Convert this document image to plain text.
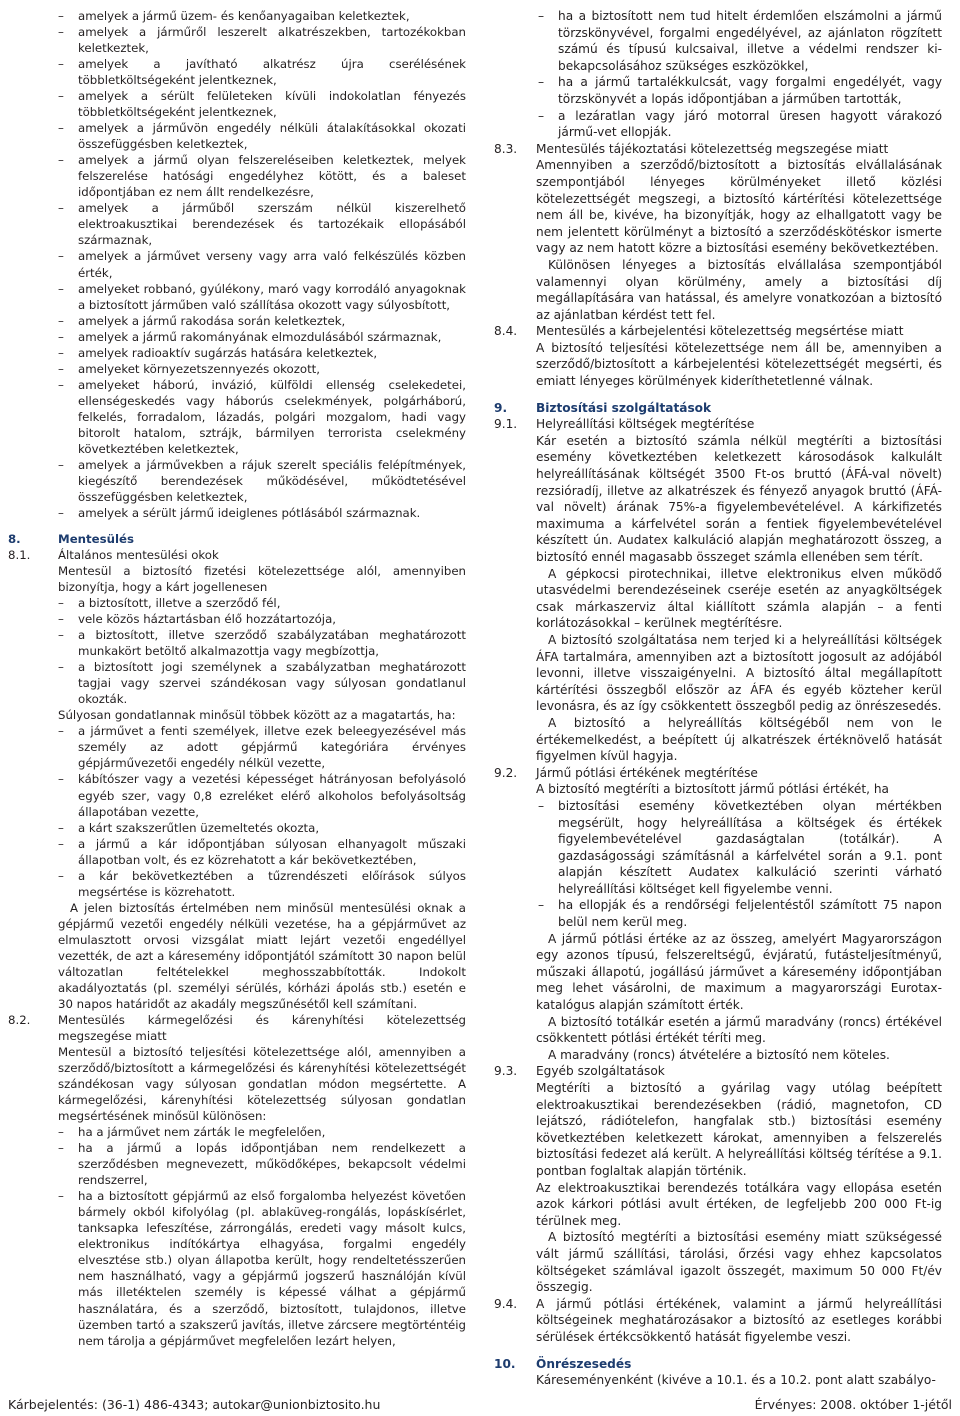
– amelyek a jármű üzem- és kenőanyagaiban keletkeztek,
– amelyek a járműről leszerelt alkatrészekben, tartozékokban keletkeztek,
– amelyek a javítható alkatrész újra cserélésének többletköltségeként jelentkeznek,
– amelyek a sérült felületeken kívüli indokolatlan fényezés többletköltségeként jelentkeznek,
– amelyek a járművön engedély nélküli átalakításokkal okozati összefüggésben keletkeztek,
– amelyek a jármű olyan felszereléseiben keletkeztek, melyek felszerelése hatósági engedélyhez kötött, és a baleset időpontjában ez nem állt rendelkezésre,
– amelyek a járműből szerszám nélkül kiszerelhető elektroakusztikai berendezések és tartozékaik ellopásából származnak,
– amelyek a járművet verseny vagy arra való felkészülés közben érték,
– amelyeket robbanó, gyúlékony, maró vagy korrodáló anyagoknak a biztosított járműben való szállítása okozott vagy súlyosbított,
– amelyek a jármű rakodása során keletkeztek,
– amelyek a jármű rakományának elmozdulásából származnak,
– amelyek radioaktív sugárzás hatására keletkeztek,
– amelyeket környezetszennyezés okozott,
– amelyeket háború, invázió, külföldi ellenség cselekedetei, ellenségeskedés vagy háborús cselekmények, polgárháború, felkelés, forradalom, lázadás, polgári mozgalom, hadi vagy bitorolt hatalom, sztrájk, bármilyen terrorista cselekmény következtében keletkeztek,
– amelyek a járművekben a rájuk szerelt speciális felépítmények, kiegészítő berendezések működésével, működtetésével összefüggésben keletkeztek,
– amelyek a sérült jármű ideiglenes pótlásából származnak.
8.	Mentesülés
8.1. Általános mentesülési okok
Mentesül a biztosító fizetési kötelezettsége alól, amennyiben bizonyítja, hogy a kárt jogellenesen
– a biztosított, illetve a szerződő fél,
– vele közös háztartásban élő hozzátartozója,
– a biztosított, illetve szerződő szabályzatában meghatározott munkakört betöltő alkalmazottja vagy megbízottja,
– a biztosított jogi személynek a szabályzatban meghatározott tagjai vagy szervei szándékosan vagy súlyosan gondatlanul okozták.
Súlyosan gondatlannak minősül többek között az a magatartás, ha:
– a járművet a fenti személyek, illetve ezek beleegyezésével más személy az adott gépjármű kategóriára érvényes gépjárművezetői engedély nélkül vezette,
– kábítószer vagy a vezetési képességet hátrányosan befolyásoló egyéb szer, vagy 0,8 ezreléket elérő alkoholos befolyásoltság állapotában vezette,
– a kárt szakszerűtlen üzemeltetés okozta,
– a jármű a kár időpontjában súlyosan elhanyagolt műszaki állapotban volt, és ez közrehatott a kár bekövetkeztében,
– a kár bekövetkeztében a tűzrendészeti előírások súlyos megsértése is közrehatott.
A jelen biztosítás értelmében nem minősül mentesülési oknak a gépjármű vezetői engedély nélküli vezetése, ha a gépjárművet az elmulasztott orvosi vizsgálat miatt lejárt vezetői engedéllyel vezették, de azt a káresemény időpontjától számított 30 napon belül változatlan feltételekkel meghosszabbították. Indokolt akadályoztatás (pl. személyi sérülés, kórházi ápolás stb.) esetén e 30 napos határidőt az akadály megszűnésétől kell számítani.
8.2. Mentesülés kármegelőzési és kárenyhítési kötelezettség megszegése miatt
Mentesül a biztosító teljesítési kötelezettsége alól, amennyiben a szerződő/biztosított a kármegelőzési és kárenyhítési kötelezettségét szándékosan vagy súlyosan gondatlan módon megsértette. A kármegelőzési, kárenyhítési kötelezettség súlyosan gondatlan megsértésének minősül különösen:
– ha a járművet nem zárták le megfelelően,
– ha a jármű a lopás időpontjában nem rendelkezett a szerződésben megnevezett, működőképes, bekapcsolt védelmi rendszerrel,
– ha a biztosított gépjármű az első forgalomba helyezést követően bármely okból kifolyólag (pl. ablaküveg-rongálás, lopáskísérlet, tanksapka lefeszítése, zárrongálás, eredeti vagy másolt kulcs, elektronikus indítókártya elhagyása, forgalmi engedély elvesztése stb.) olyan állapotba került, hogy rendeltetésszerűen nem használható, vagy a gépjármű jogszerű használóján kívül más illetéktelen személy is képessé válhat a gépjármű használatára, és a szerződő, biztosított, tulajdonos, illetve üzemben tartó a szakszerű javítás, illetve zárcsere megtörténtéig nem tárolja a gépjárművet megfelelően lezárt helyen,
– ha a biztosított nem tud hitelt érdemlően elszámolni a jármű törzskönyvével, forgalmi engedélyével, az ajánlaton rögzített számú és típusú kulcsaival, illetve a védelmi rendszer ki-bekapcsolásához szükséges eszközökkel,
– ha a jármű tartalékkulcsát, vagy forgalmi engedélyét, vagy törzskönyvét a lopás időpontjában a járműben tartották,
– a lezáratlan vagy járó motorral üresen hagyott várakozó jármű-vet ellopják.
8.3. Mentesülés tájékoztatási kötelezettség megszegése miatt
Amennyiben a szerződő/biztosított a biztosítás elvállalásának szempontjából lényeges körülményeket illető közlési kötelezettségét megszegi, a biztosító kártérítési kötelezettsége nem áll be, kivéve, ha bizonyítják, hogy az elhallgatott vagy be nem jelentett körülményt a biztosító a szerződéskötéskor ismerte vagy az nem hatott közre a biztosítási esemény bekövetkeztében.
Különösen lényeges a biztosítás elvállalása szempontjából valamennyi olyan körülmény, amely a biztosítási díj megállapítására van hatással, és amelyre vonatkozóan a biztosító az ajánlatban kérdést tett fel.
8.4. Mentesülés a kárbejelentési kötelezettség megsértése miatt
A biztosító teljesítési kötelezettsége nem áll be, amennyiben a szerződő/biztosított a kárbejelentési kötelezettségét megsérti, és emiatt lényeges körülmények kideríthetetlenné válnak.
9. Biztosítási szolgáltatások
9.1. Helyreállítási költségek megtérítése
Kár esetén a biztosító számla nélkül megtéríti a biztosítási esemény következtében keletkezett károsodások kalkulált helyreállításának költségét 3500 Ft-os bruttó (ÁFÁ-val növelt) rezsióradíj, illetve az alkatrészek és fényező anyagok bruttó (ÁFÁ-val növelt) árának 75%-a figyelembevételével. A kárkifizetés maximuma a kárfelvétel során a fentiek figyelembevételével készített ún. Audatex kalkuláció alapján meghatározott összeg, a biztosító ennél magasabb összeget számla ellenében sem térít.
A gépkocsi pirotechnikai, illetve elektronikus elven működő utasvédelmi berendezéseinek cseréje esetén az anyagköltségek csak márkaszerviz által kiállított számla alapján – a fenti korlátozásokkal – kerülnek megtérítésre.
A biztosító szolgáltatása nem terjed ki a helyreállítási költségek ÁFA tartalmára, amennyiben azt a biztosított jogosult az adójából levonni, illetve visszaigényelni. A biztosító által megállapított kártérítési összegből először az ÁFA és egyéb közteher kerül levonásra, és az így csökkentett összegből pedig az önrészesedés.
A biztosító a helyreállítás költségéből nem von le értékemelkedést, a beépített új alkatrészek értéknövelő hatását figyelmen kívül hagyja.
9.2. Jármű pótlási értékének megtérítése
A biztosító megtéríti a biztosított jármű pótlási értékét, ha
– biztosítási esemény következtében olyan mértékben megsérült, hogy helyreállítása a költségek és értékek figyelembevételével gazdaságtalan (totálkár). A gazdaságossági számításnál a kárfelvétel során a 9.1. pont alapján készített Audatex kalkuláció szerinti várható helyreállítási költséget kell figyelembe venni.
– ha ellopják és a rendőrségi feljelentéstől számított 75 napon belül nem kerül meg.
A jármű pótlási értéke az az összeg, amelyért Magyarországon egy azonos típusú, felszereltségű, évjáratú, futásteljesítményű, műszaki állapotú, jogállású járművet a káresemény időpontjában meg lehet vásárolni, de maximum a magyarországi Eurotax-katalógus alapján számított érték.
A biztosító totálkár esetén a jármű maradvány (roncs) értékével csökkentett pótlási értékét téríti meg.
A maradvány (roncs) átvételére a biztosító nem köteles.
9.3. Egyéb szolgáltatások
Megtéríti a biztosító a gyárilag vagy utólag beépített elektroakusztikai berendezésekben (rádió, magnetofon, CD lejátszó, rádiótelefon, hangfalak stb.) biztosítási esemény következtében keletkezett károkat, amennyiben a felszerelés biztosítási fedezet alá került. A helyreállítási költség térítése a 9.1. pontban foglaltak alapján történik.
Az elektroakusztikai berendezés totálkára vagy ellopása esetén azok kárkori pótlási avult értéken, de legfeljebb 200 000 Ft-ig térülnek meg.
A biztosító megtéríti a biztosítási esemény miatt szükségessé vált jármű szállítási, tárolási, őrzési vagy ehhez kapcsolatos költségeket számlával igazolt összegét, maximum 50 000 Ft/év összegig.
9.4. A jármű pótlási értékének, valamint a jármű helyreállítási költségeinek meghatározásakor a biztosító az esetleges korábbi sérülések értékcsökkentő hatását figyelembe veszi.
10. Önrészesedés
Káreseményenként (kivéve a 10.1. és a 10.2. pont alatt szabályo-
Kárbejelentés: (36-1) 486-4343; autokar@unionbiztosito.hu	Érvényes: 2008. október 1-jétől
